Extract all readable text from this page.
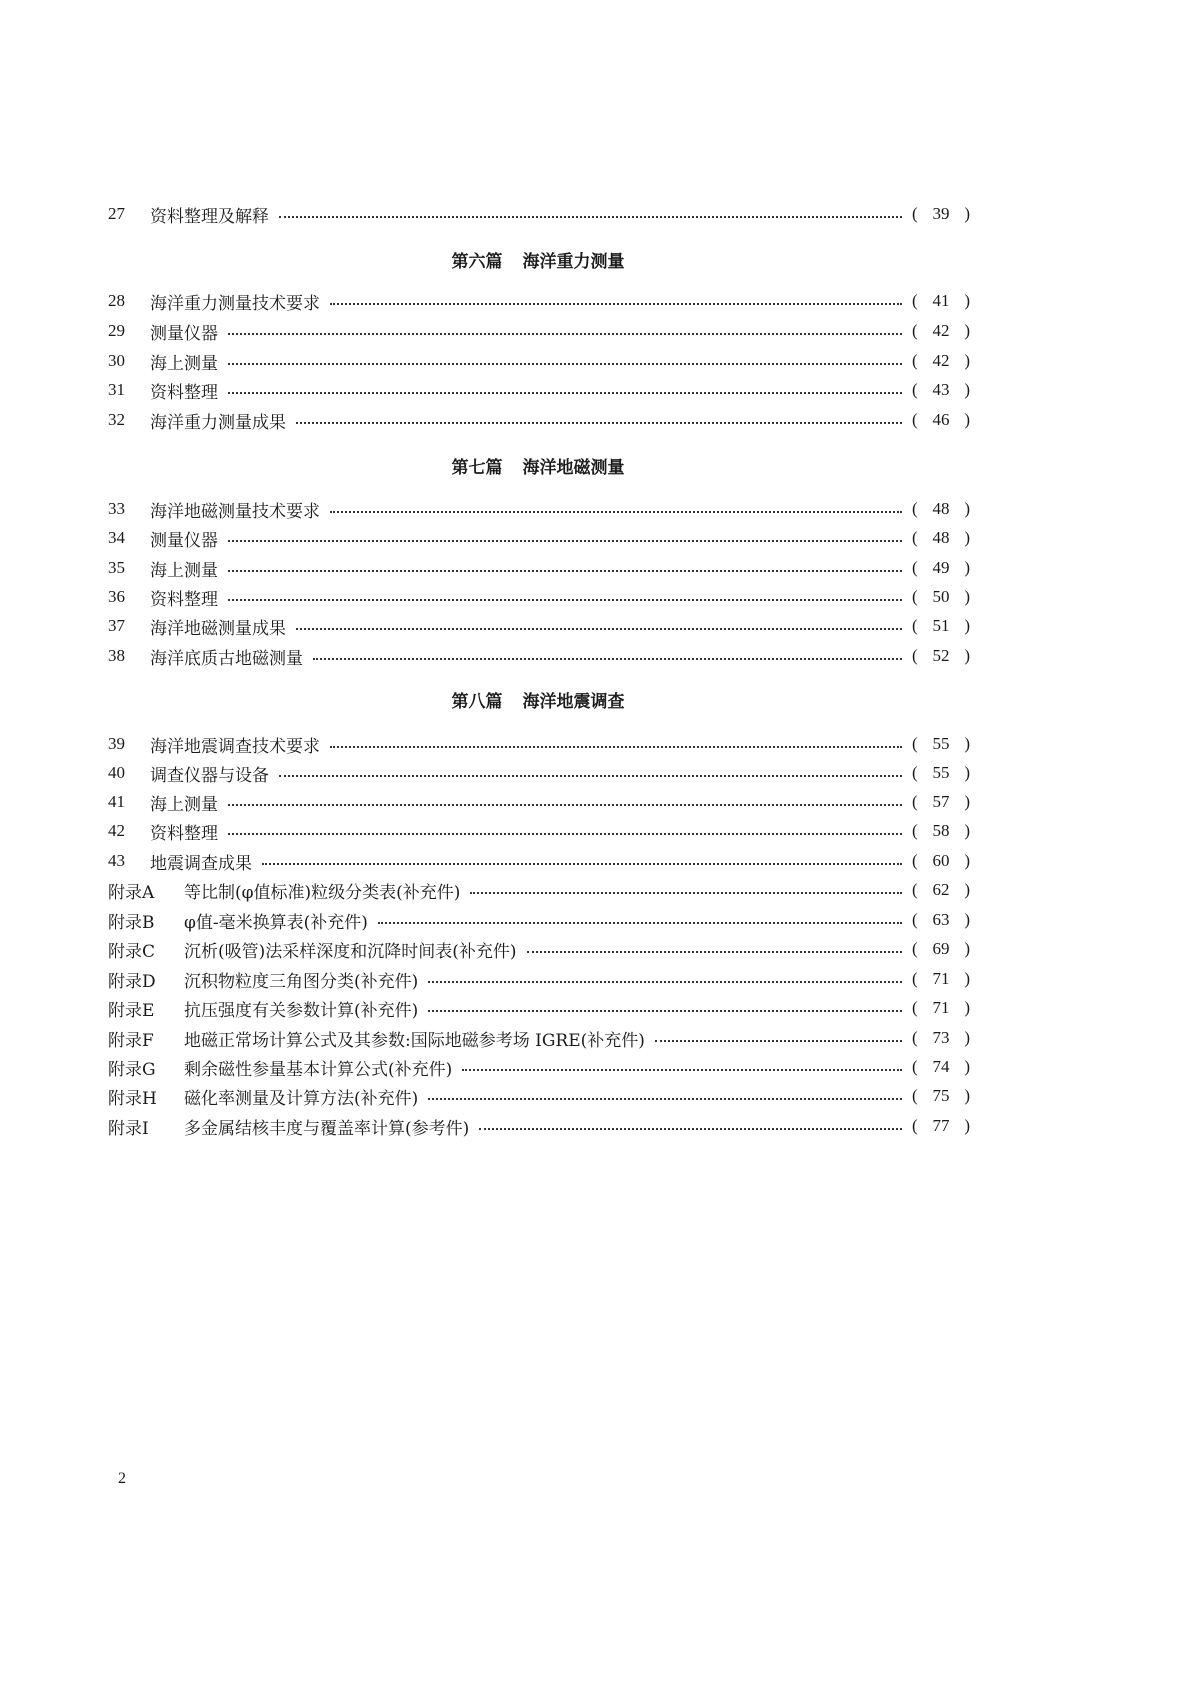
27	资料整理及解释	( 39 )
第六篇 海洋重力测量
28	海洋重力测量技术要求	( 41 )
29	测量仪器	( 42 )
30	海上测量	( 42 )
31	资料整理	( 43 )
32	海洋重力测量成果	( 46 )
第七篇 海洋地磁测量
33	海洋地磁测量技术要求	( 48 )
34	测量仪器	( 48 )
35	海上测量	( 49 )
36	资料整理	( 50 )
37	海洋地磁测量成果	( 51 )
38	海洋底质古地磁测量	( 52 )
第八篇 海洋地震调查
39	海洋地震调查技术要求	( 55 )
40	调查仪器与设备	( 55 )
41	海上测量	( 57 )
42	资料整理	( 58 )
43	地震调查成果	( 60 )
附录A	等比制(φ值标准)粒级分类表(补充件)	( 62 )
附录B	φ值-毫米换算表(补充件)	( 63 )
附录C	沉析(吸管)法采样深度和沉降时间表(补充件)	( 69 )
附录D	沉积物粒度三角图分类(补充件)	( 71 )
附录E	抗压强度有关参数计算(补充件)	( 71 )
附录F	地磁正常场计算公式及其参数:国际地磁参考场 IGRE(补充件)	( 73 )
附录G	剩余磁性参量基本计算公式(补充件)	( 74 )
附录H	磁化率测量及计算方法(补充件)	( 75 )
附录I	多金属结核丰度与覆盖率计算(参考件)	( 77 )
2
